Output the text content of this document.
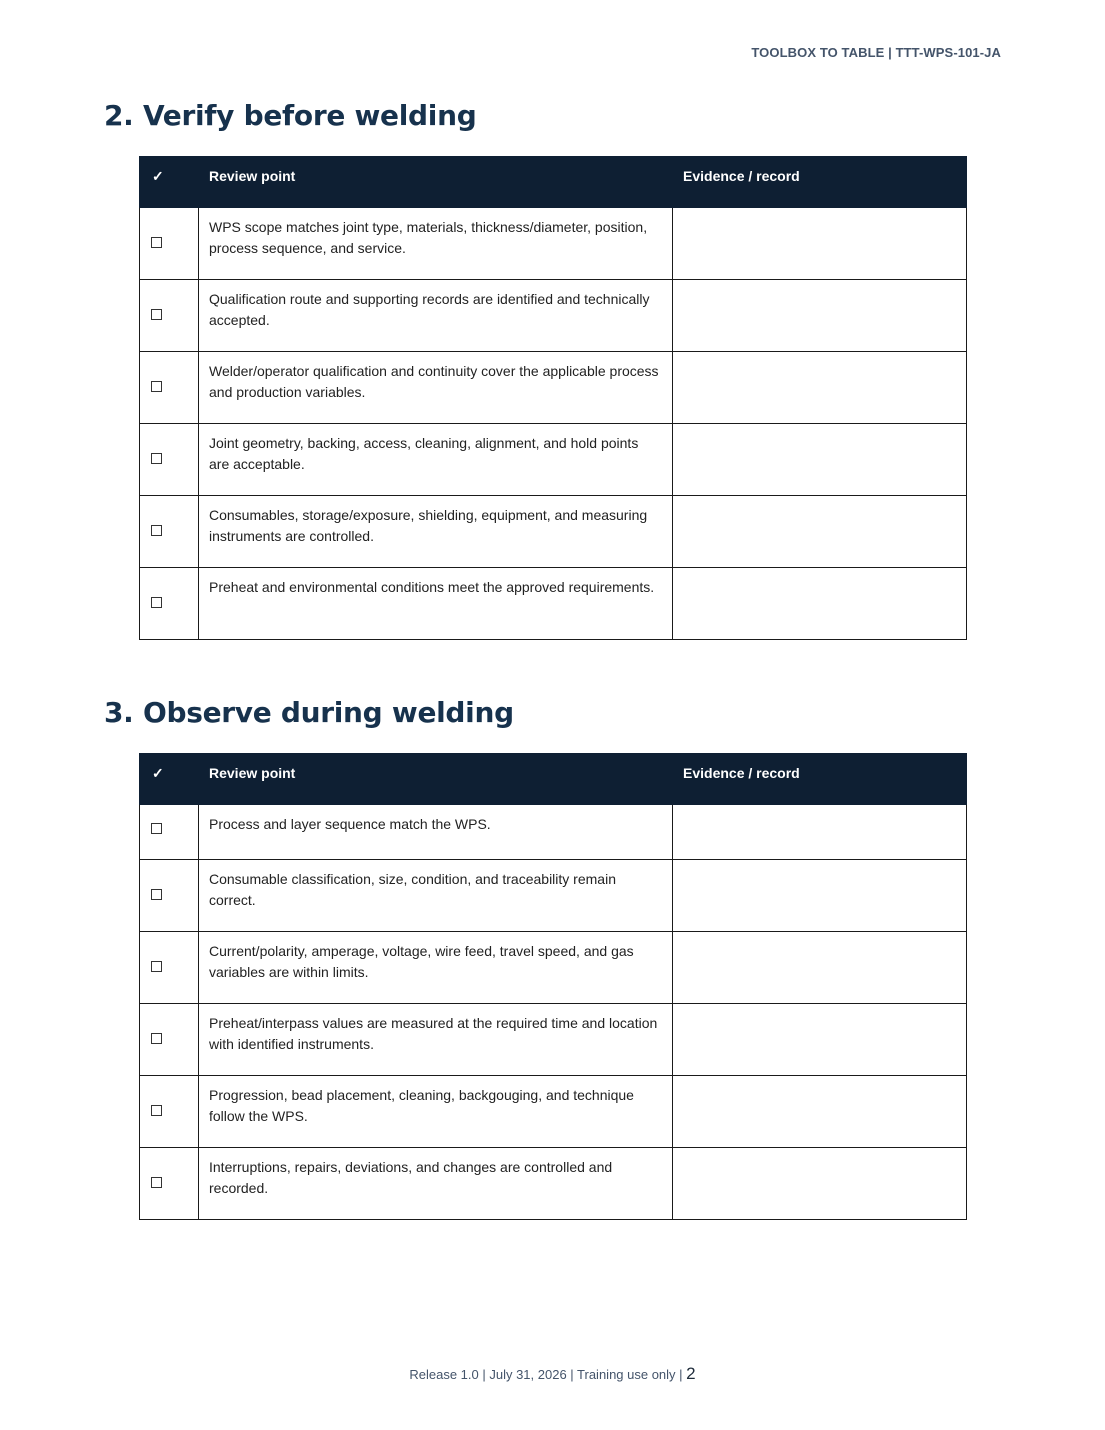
TOOLBOX TO TABLE | TTT-WPS-101-JA
2. Verify before welding
✓	Review point	Evidence / record
	WPS scope matches joint type, materials, thickness/diameter, position, process sequence, and service.	
	Qualification route and supporting records are identified and technically accepted.	
	Welder/operator qualification and continuity cover the applicable process and production variables.	
	Joint geometry, backing, access, cleaning, alignment, and hold points are acceptable.	
	Consumables, storage/exposure, shielding, equipment, and measuring instruments are controlled.	
	Preheat and environmental conditions meet the approved requirements.	
3. Observe during welding
✓	Review point	Evidence / record
	Process and layer sequence match the WPS.	
	Consumable classification, size, condition, and traceability remain correct.	
	Current/polarity, amperage, voltage, wire feed, travel speed, and gas variables are within limits.	
	Preheat/interpass values are measured at the required time and location with identified instruments.	
	Progression, bead placement, cleaning, backgouging, and technique follow the WPS.	
	Interruptions, repairs, deviations, and changes are controlled and recorded.	
Release 1.0 | July 31, 2026 | Training use only | 2
